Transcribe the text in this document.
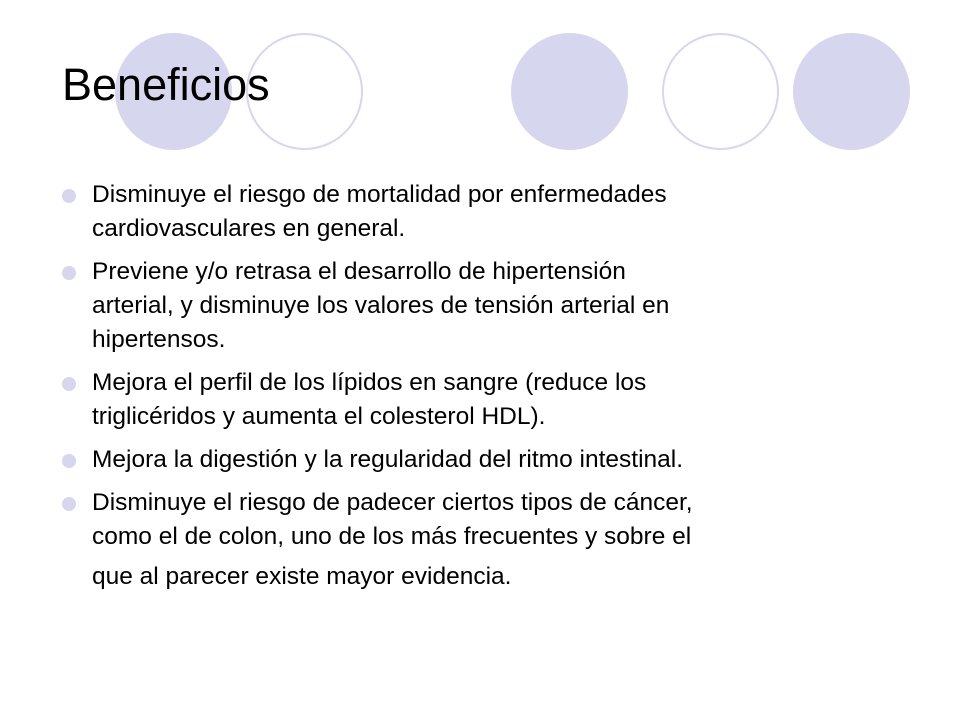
Beneficios
Disminuye el riesgo de mortalidad por enfermedades
cardiovasculares en general.
Previene y/o retrasa el desarrollo de hipertensión
arterial, y disminuye los valores de tensión arterial en
hipertensos.
Mejora el perfil de los lípidos en sangre (reduce los
triglicéridos y aumenta el colesterol HDL).
Mejora la digestión y la regularidad del ritmo intestinal.
Disminuye el riesgo de padecer ciertos tipos de cáncer,
como el de colon, uno de los más frecuentes y sobre el
que al parecer existe mayor evidencia.
